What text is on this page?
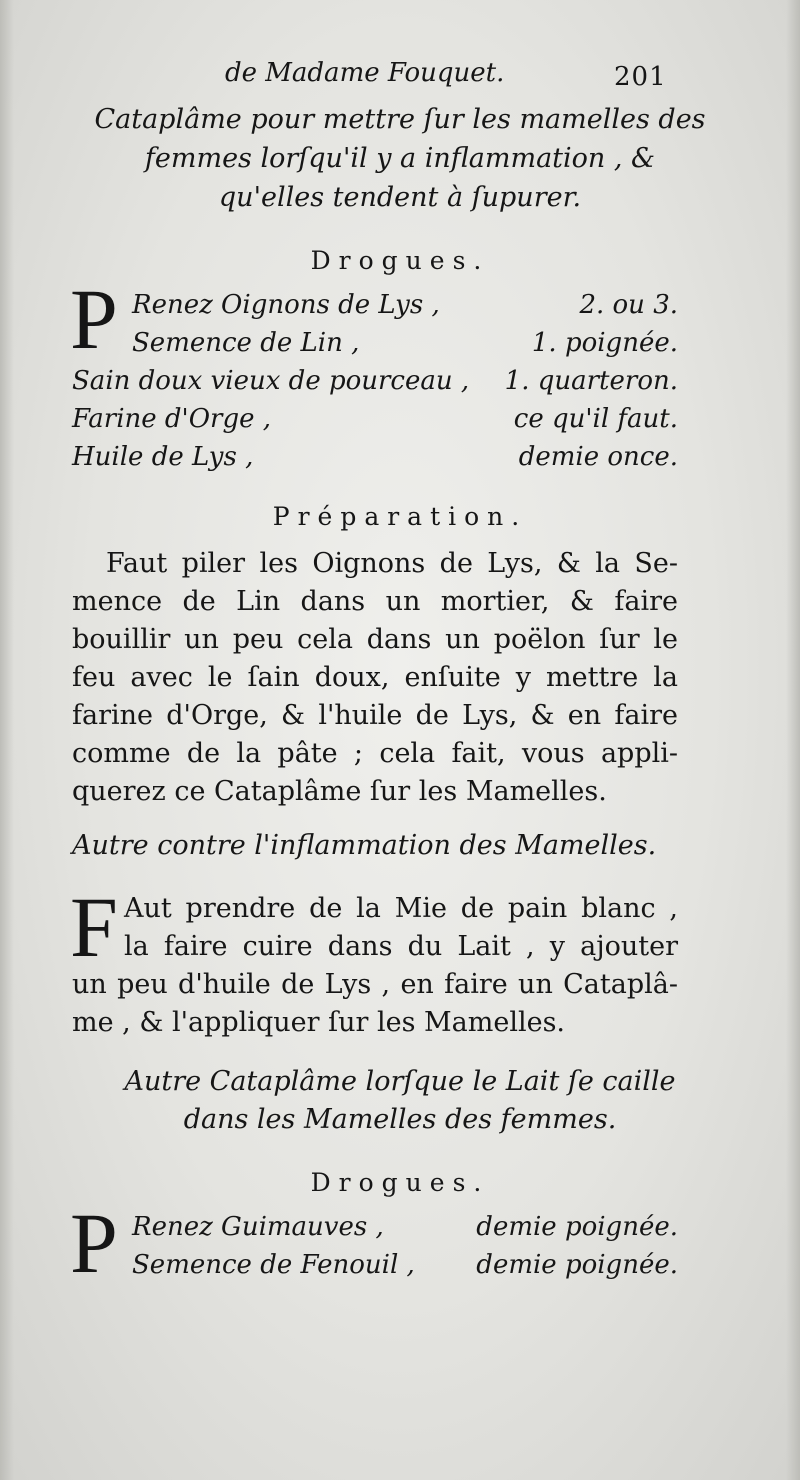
de Madame Fouquet.	201
Cataplâme pour mettre ſur les mamelles des
femmes lorſqu'il y a inflammation , &
qu'elles tendent à ſupurer.
Drogues.
P Renez Oignons de Lys ,	2. ou 3.
Semence de Lin ,	1. poignée.
Sain doux vieux de pourceau , 1. quarteron.
Farine d'Orge ,	ce qu'il faut.
Huile de Lys ,	demie once.
Préparation.

Faut piler les Oignons de Lys, & la Se-

mence de Lin dans un mortier, & faire

bouillir un peu cela dans un poëlon ſur le

feu avec le ſain doux, enſuite y mettre la

farine d'Orge, & l'huile de Lys, & en faire

comme de la pâte ; cela fait, vous appli-

querez ce Cataplâme ſur les Mamelles.

Autre contre l'inflammation des Mamelles.
F Aut prendre de la Mie de pain blanc ,

la faire cuire dans du Lait , y ajouter

un peu d'huile de Lys , en faire un Cataplâ-

me , & l'appliquer ſur les Mamelles.

Autre Cataplâme lorſque le Lait ſe caille
dans les Mamelles des femmes.
Drogues.
P Renez Guimauves ,	demie poignée.
Semence de Fenouil , demie poignée.
